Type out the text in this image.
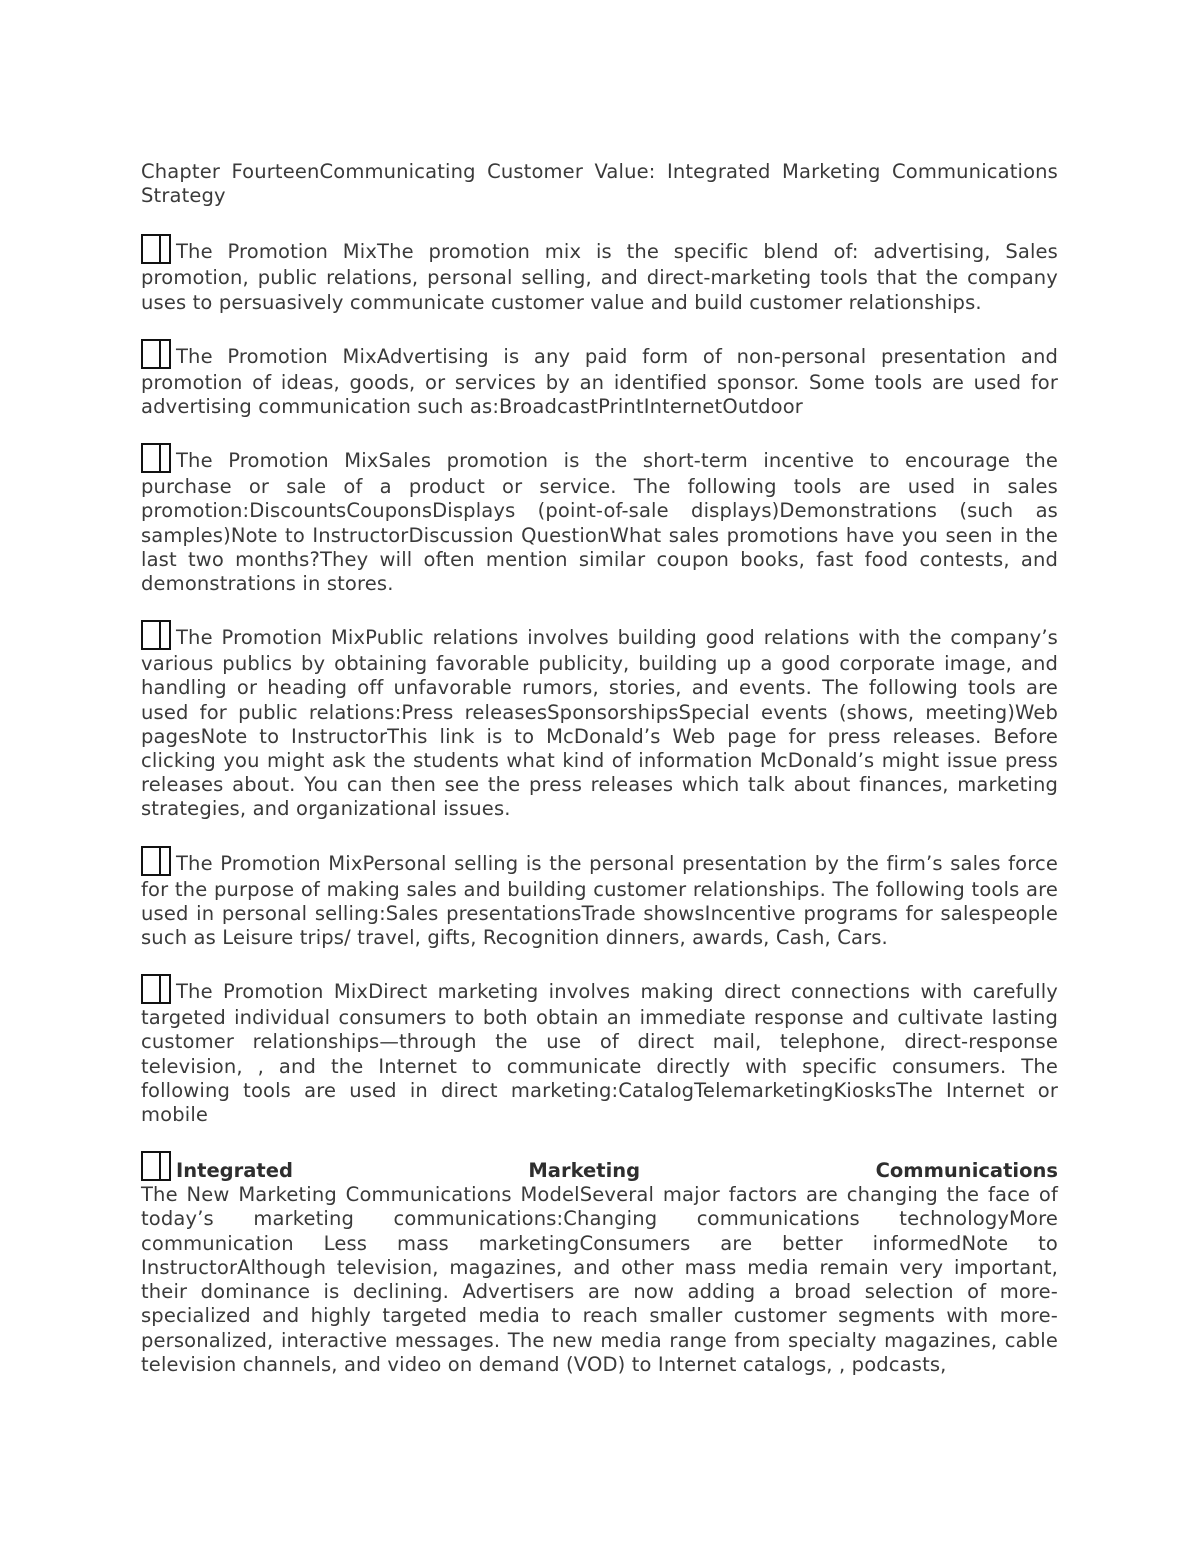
Chapter FourteenCommunicating Customer Value: Integrated Marketing Communications Strategy

The Promotion MixThe promotion mix is the specific blend of: advertising, Sales promotion, public relations, personal selling, and direct-marketing tools that the company uses to persuasively communicate customer value and build customer relationships.

The Promotion MixAdvertising is any paid form of non-personal presentation and promotion of ideas, goods, or services by an identified sponsor. Some tools are used for advertising communication such as:BroadcastPrintInternetOutdoor

The Promotion MixSales promotion is the short-term incentive to encourage the purchase or sale of a product or service. The following tools are used in sales promotion:DiscountsCouponsDisplays (point-of-sale displays)Demonstrations (such as samples)Note to InstructorDiscussion QuestionWhat sales promotions have you seen in the last two months?They will often mention similar coupon books, fast food contests, and demonstrations in stores.

The Promotion MixPublic relations involves building good relations with the company’s various publics by obtaining favorable publicity, building up a good corporate image, and handling or heading off unfavorable rumors, stories, and events. The following tools are used for public relations:Press releasesSponsorshipsSpecial events (shows, meeting)Web pagesNote to InstructorThis link is to McDonald’s Web page for press releases. Before clicking you might ask the students what kind of information McDonald’s might issue press releases about. You can then see the press releases which talk about finances, marketing strategies, and organizational issues.

The Promotion MixPersonal selling is the personal presentation by the firm’s sales force for the purpose of making sales and building customer relationships. The following tools are used in personal selling:Sales presentationsTrade showsIncentive programs for salespeople such as Leisure trips/ travel, gifts, Recognition dinners, awards, Cash, Cars.

The Promotion MixDirect marketing involves making direct connections with carefully targeted individual consumers to both obtain an immediate response and cultivate lasting customer relationships—through the use of direct mail, telephone, direct-response television, , and the Internet to communicate directly with specific consumers. The following tools are used in direct marketing:CatalogTelemarketingKiosksThe Internet or mobile

Integrated	Marketing	Communications

The New Marketing Communications ModelSeveral major factors are changing the face of today’s marketing communications:Changing communications technologyMore communication Less mass marketingConsumers are better informedNote to InstructorAlthough television, magazines, and other mass media remain very important, their dominance is declining. Advertisers are now adding a broad selection of more-specialized and highly targeted media to reach smaller customer segments with more-personalized, interactive messages. The new media range from specialty magazines, cable television channels, and video on demand (VOD) to Internet catalogs, , podcasts,
